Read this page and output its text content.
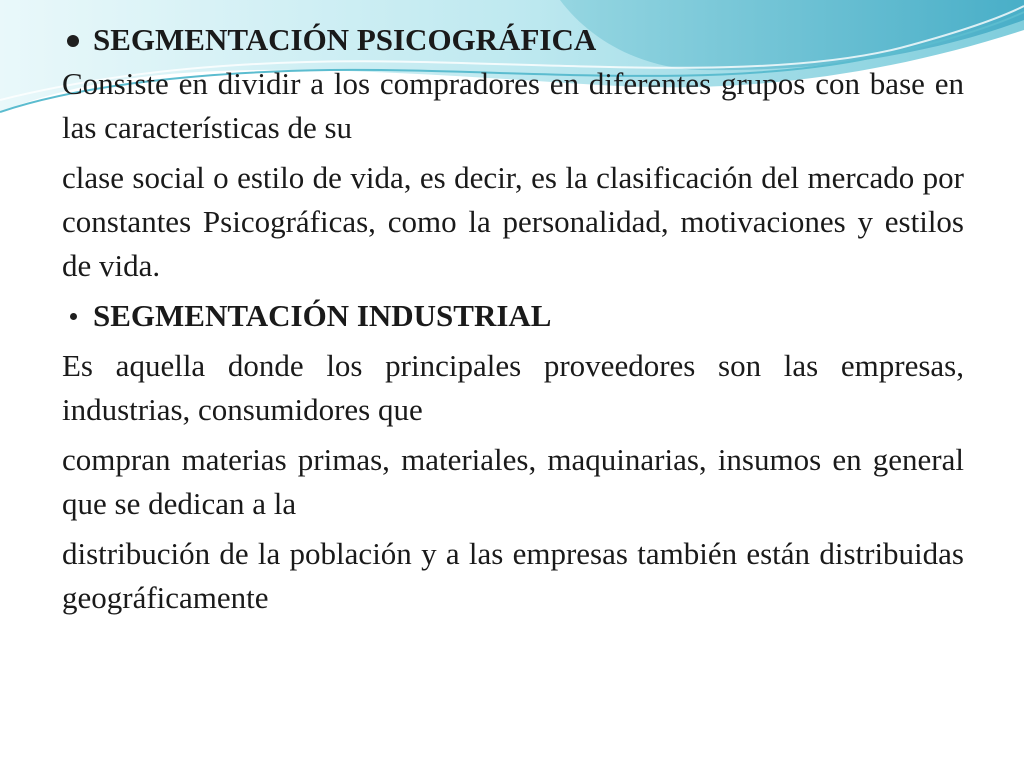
SEGMENTACIÓN PSICOGRÁFICA

Consiste en dividir a los compradores en diferentes grupos con base en las características de su

clase social o estilo de vida, es decir, es la clasificación del mercado por constantes Psicográficas, como la personalidad, motivaciones y estilos de vida.

SEGMENTACIÓN INDUSTRIAL

Es aquella donde los principales proveedores son las empresas, industrias, consumidores que

compran materias primas, materiales, maquinarias, insumos en general que se dedican a la

distribución de la población y a las empresas también están distribuidas geográficamente
